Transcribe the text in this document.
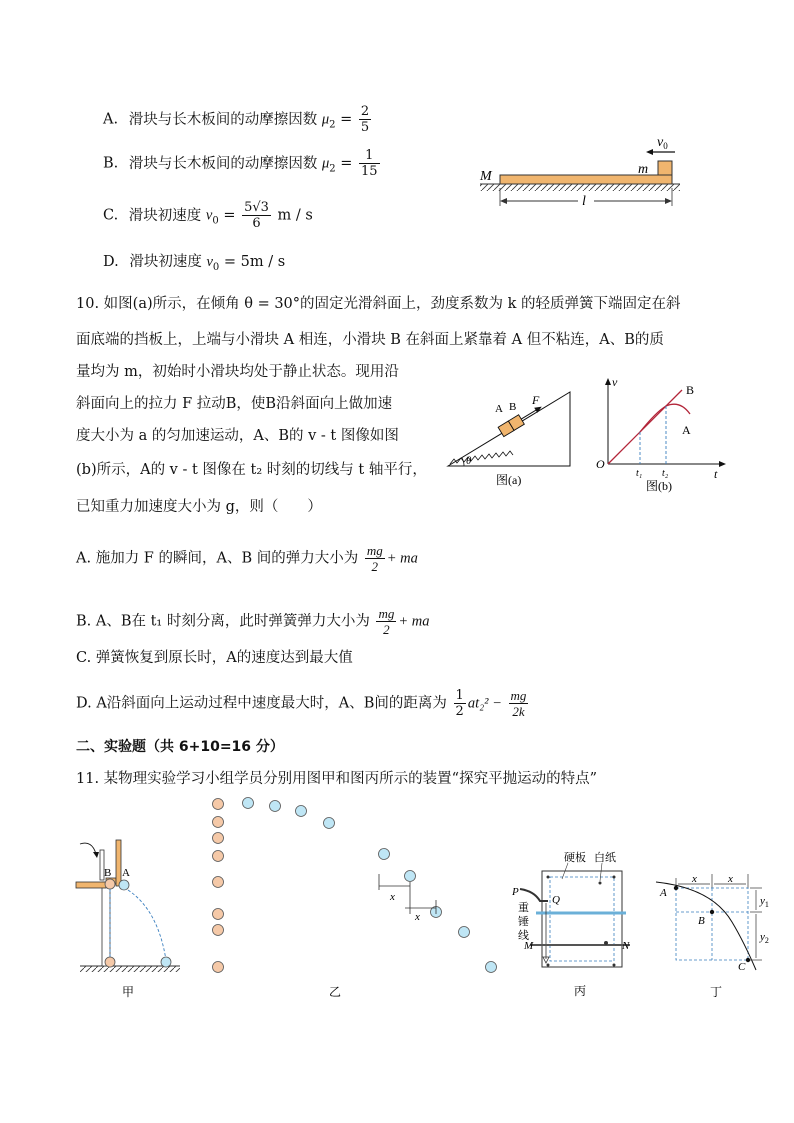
A. 滑块与长木板间的动摩擦因数 $\mu_2 = \frac{2}{5}$
B. 滑块与长木板间的动摩擦因数 $\mu_2 = \frac{1}{15}$
C. 滑块初速度 $v_0 = \frac{5√3}{6}$ m / s
D. 滑块初速度 $v_0 = 5m / s$
$v_0$
m
M
l
10. 如图(a)所示，在倾角 θ = 30°的固定光滑斜面上，劲度系数为 k 的轻质弹簧下端固定在斜
面底端的挡板上，上端与小滑块 A 相连，小滑块 B 在斜面上紧靠着 A 但不粘连，A、B的质
量均为 m，初始时小滑块均处于静止状态。现用沿
斜面向上的拉力 F 拉动B，使B沿斜面向上做加速
度大小为 a 的匀加速运动，A、B的 v - t 图像如图
(b)所示，A的 v - t 图像在 t₂ 时刻的切线与 t 轴平行，
已知重力加速度大小为 g，则（　　）
A B F
θ
图(a)
v
O
t
B
A
t₁ t₂
图(b)
A. 施加力 F 的瞬间，A、B 间的弹力大小为 $\frac{mg}{2}$ + ma
B. A、B在 t₁ 时刻分离，此时弹簧弹力大小为 $\frac{mg}{2}$ + ma
C. 弹簧恢复到原长时，A的速度达到最大值
D. A沿斜面向上运动过程中速度最大时，A、B间的距离为 $\frac{1}{2} at_2^2 - \frac{mg}{2k}$
二、实验题（共 6+10=16 分）
11. 某物理实验学习小组学员分别用图甲和图丙所示的装置“探究平抛运动的特点”
B A
甲
x
x
乙
硬板 白纸
P
Q
重
锤
线
M	N
丙
x	x
A
B
C
$y_1$
$y_2$
丁
